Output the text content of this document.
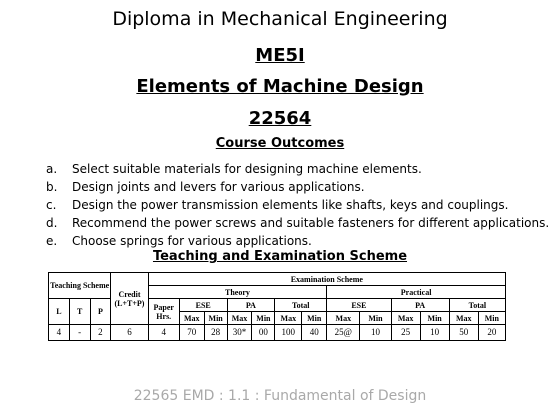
Diploma in Mechanical Engineering
ME5I
Elements of Machine Design
22564
Course Outcomes
a. Select suitable materials for designing machine elements.
b. Design joints and levers for various applications.
c. Design the power transmission elements like shafts, keys and couplings.
d. Recommend the power screws and suitable fasteners for different applications.
e. Choose springs for various applications.
Teaching and Examination Scheme
Teaching Scheme			Credit (L+T+P)	Examination Scheme												
				Theory							Practical					
L	T	P		Paper Hrs.	ESE		PA		Total		ESE		PA		Total	
					Max	Min	Max	Min	Max	Min	Max	Min	Max	Min	Max	Min
4	-	2	6	4	70	28	30*	00	100	40	25@	10	25	10	50	20
22565 EMD : 1.1 : Fundamental of Design
